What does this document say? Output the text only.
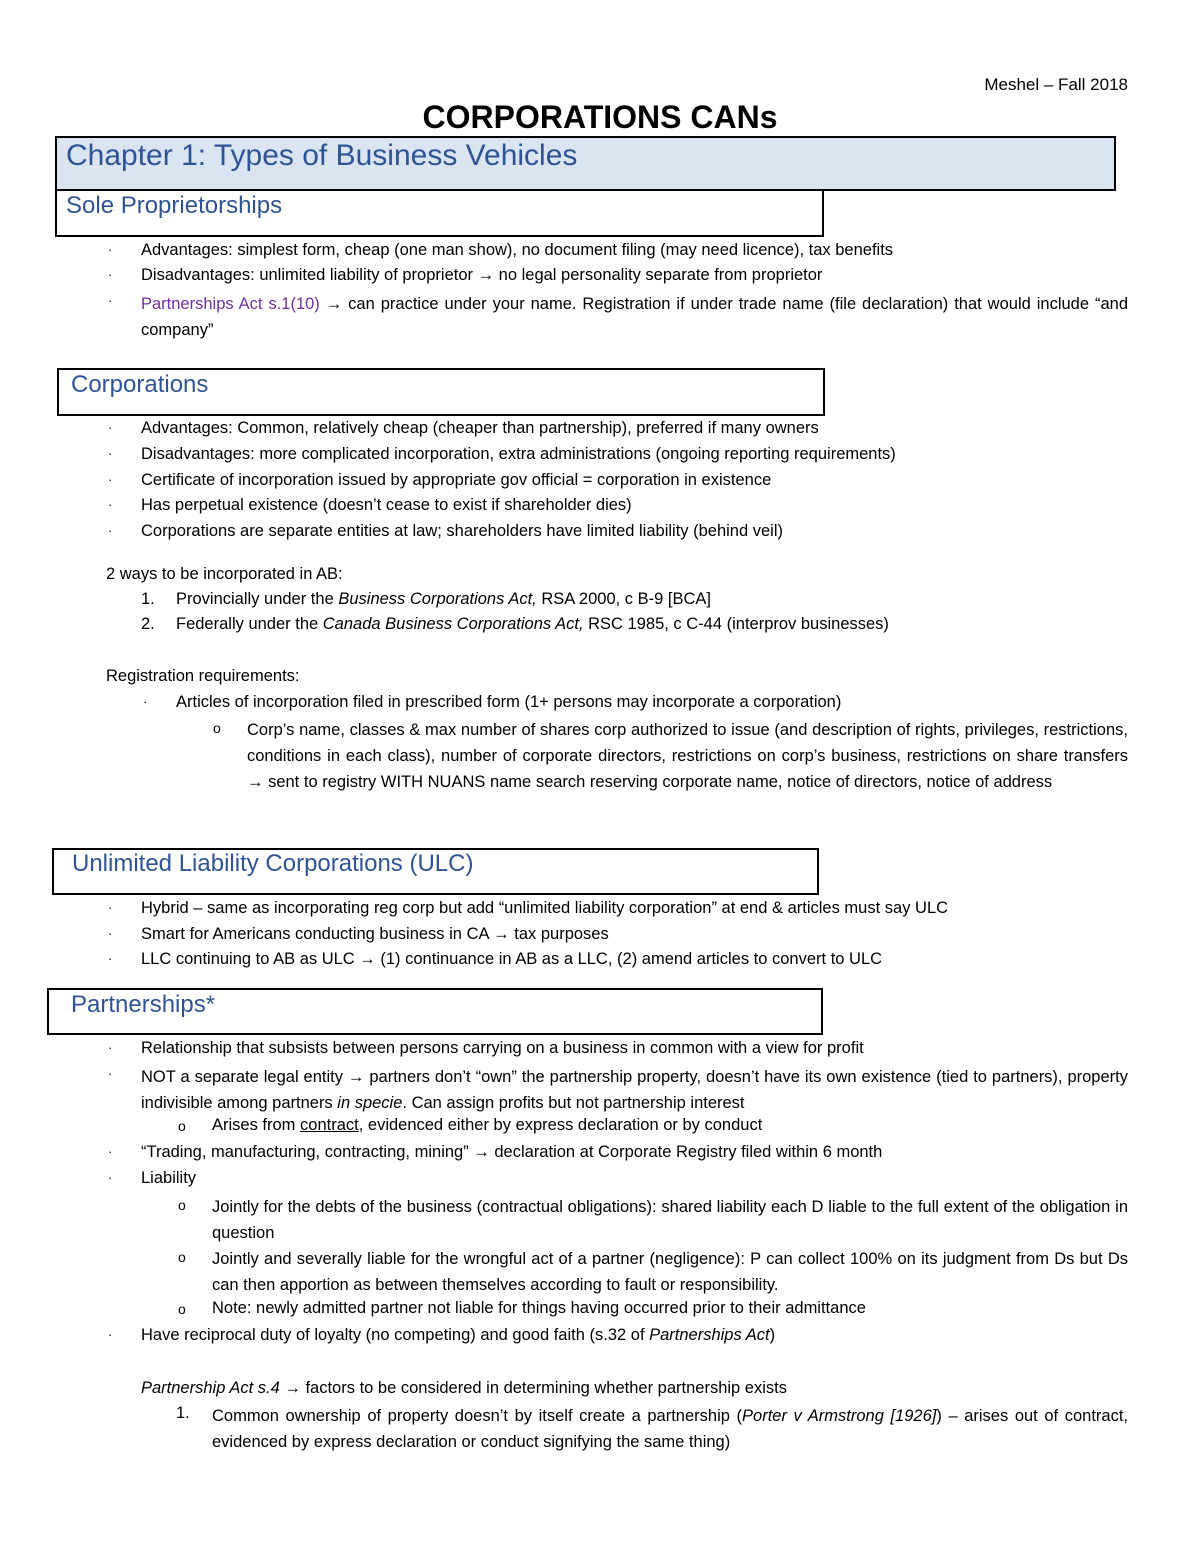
Meshel – Fall 2018
CORPORATIONS CANs
Chapter 1: Types of Business Vehicles
Sole Proprietorships
· Advantages: simplest form, cheap (one man show), no document filing (may need licence), tax benefits
· Disadvantages: unlimited liability of proprietor → no legal personality separate from proprietor
· Partnerships Act s.1(10) → can practice under your name. Registration if under trade name (file declaration) that would include “and company”
Corporations
· Advantages: Common, relatively cheap (cheaper than partnership), preferred if many owners
· Disadvantages: more complicated incorporation, extra administrations (ongoing reporting requirements)
· Certificate of incorporation issued by appropriate gov official = corporation in existence
· Has perpetual existence (doesn’t cease to exist if shareholder dies)
· Corporations are separate entities at law; shareholders have limited liability (behind veil)
2 ways to be incorporated in AB:
1. Provincially under the Business Corporations Act, RSA 2000, c B-9 [BCA]
2. Federally under the Canada Business Corporations Act, RSC 1985, c C-44 (interprov businesses)
Registration requirements:
· Articles of incorporation filed in prescribed form (1+ persons may incorporate a corporation)
o Corp’s name, classes & max number of shares corp authorized to issue (and description of rights, privileges, restrictions, conditions in each class), number of corporate directors, restrictions on corp’s business, restrictions on share transfers → sent to registry WITH NUANS name search reserving corporate name, notice of directors, notice of address
Unlimited Liability Corporations (ULC)
· Hybrid – same as incorporating reg corp but add “unlimited liability corporation” at end & articles must say ULC
· Smart for Americans conducting business in CA → tax purposes
· LLC continuing to AB as ULC → (1) continuance in AB as a LLC, (2) amend articles to convert to ULC
Partnerships*
· Relationship that subsists between persons carrying on a business in common with a view for profit
· NOT a separate legal entity → partners don’t “own” the partnership property, doesn’t have its own existence (tied to partners), property indivisible among partners in specie. Can assign profits but not partnership interest
o Arises from contract, evidenced either by express declaration or by conduct
· “Trading, manufacturing, contracting, mining” → declaration at Corporate Registry filed within 6 month
· Liability
o Jointly for the debts of the business (contractual obligations): shared liability each D liable to the full extent of the obligation in question
o Jointly and severally liable for the wrongful act of a partner (negligence): P can collect 100% on its judgment from Ds but Ds can then apportion as between themselves according to fault or responsibility.
o Note: newly admitted partner not liable for things having occurred prior to their admittance
· Have reciprocal duty of loyalty (no competing) and good faith (s.32 of Partnerships Act)
Partnership Act s.4 → factors to be considered in determining whether partnership exists
1. Common ownership of property doesn’t by itself create a partnership (Porter v Armstrong [1926]) – arises out of contract, evidenced by express declaration or conduct signifying the same thing)
